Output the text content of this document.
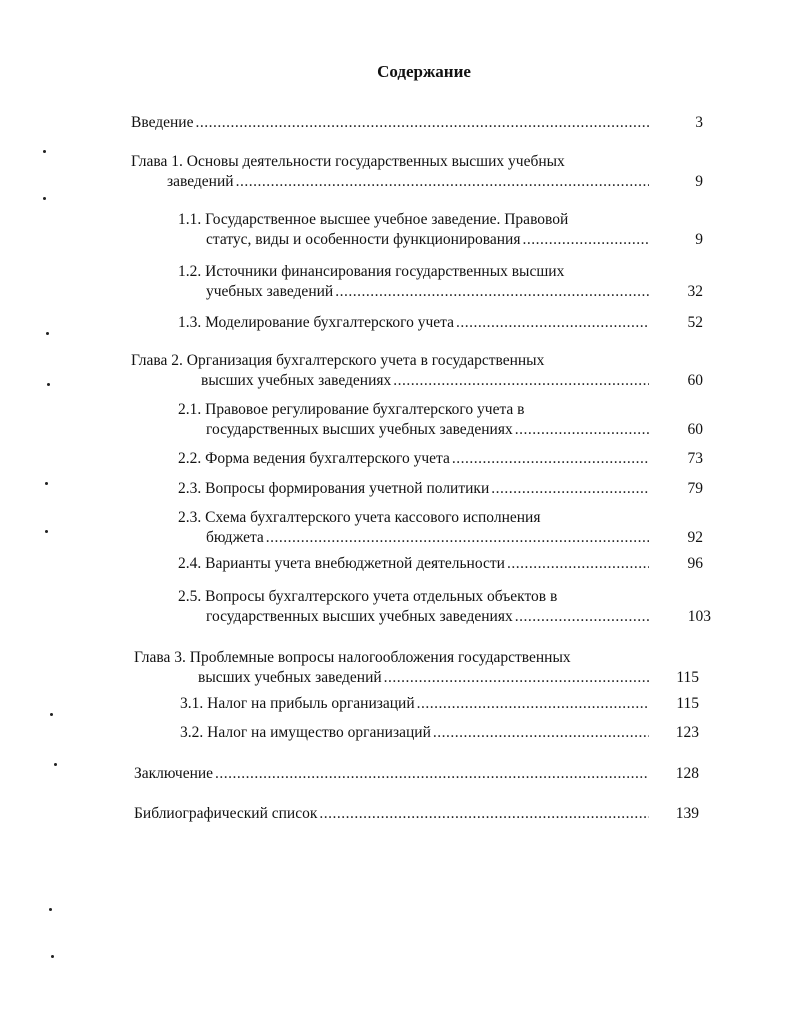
Содержание
Введение .....	3
Глава 1. Основы деятельности государственных высших учебных
заведений .....	9
1.1. Государственное высшее учебное заведение. Правовой
статус, виды и особенности функционирования .....	9
1.2. Источники финансирования государственных высших
учебных заведений .....	32
1.3. Моделирование бухгалтерского учета .....	52
Глава 2. Организация бухгалтерского учета в государственных
высших учебных заведениях .....	60
2.1. Правовое регулирование бухгалтерского учета в
государственных высших учебных заведениях .....	60
2.2. Форма ведения бухгалтерского учета .....	73
2.3. Вопросы формирования учетной политики .....	79
2.3. Схема бухгалтерского учета кассового исполнения
бюджета .....	92
2.4. Варианты учета внебюджетной деятельности .....	96
2.5. Вопросы бухгалтерского учета отдельных объектов в
государственных высших учебных заведениях .....	103
Глава 3. Проблемные вопросы налогообложения государственных
высших учебных заведений .....	115
3.1. Налог на прибыль организаций .....	115
3.2. Налог на имущество организаций .....	123
Заключение .....	128
Библиографический список .....	139
